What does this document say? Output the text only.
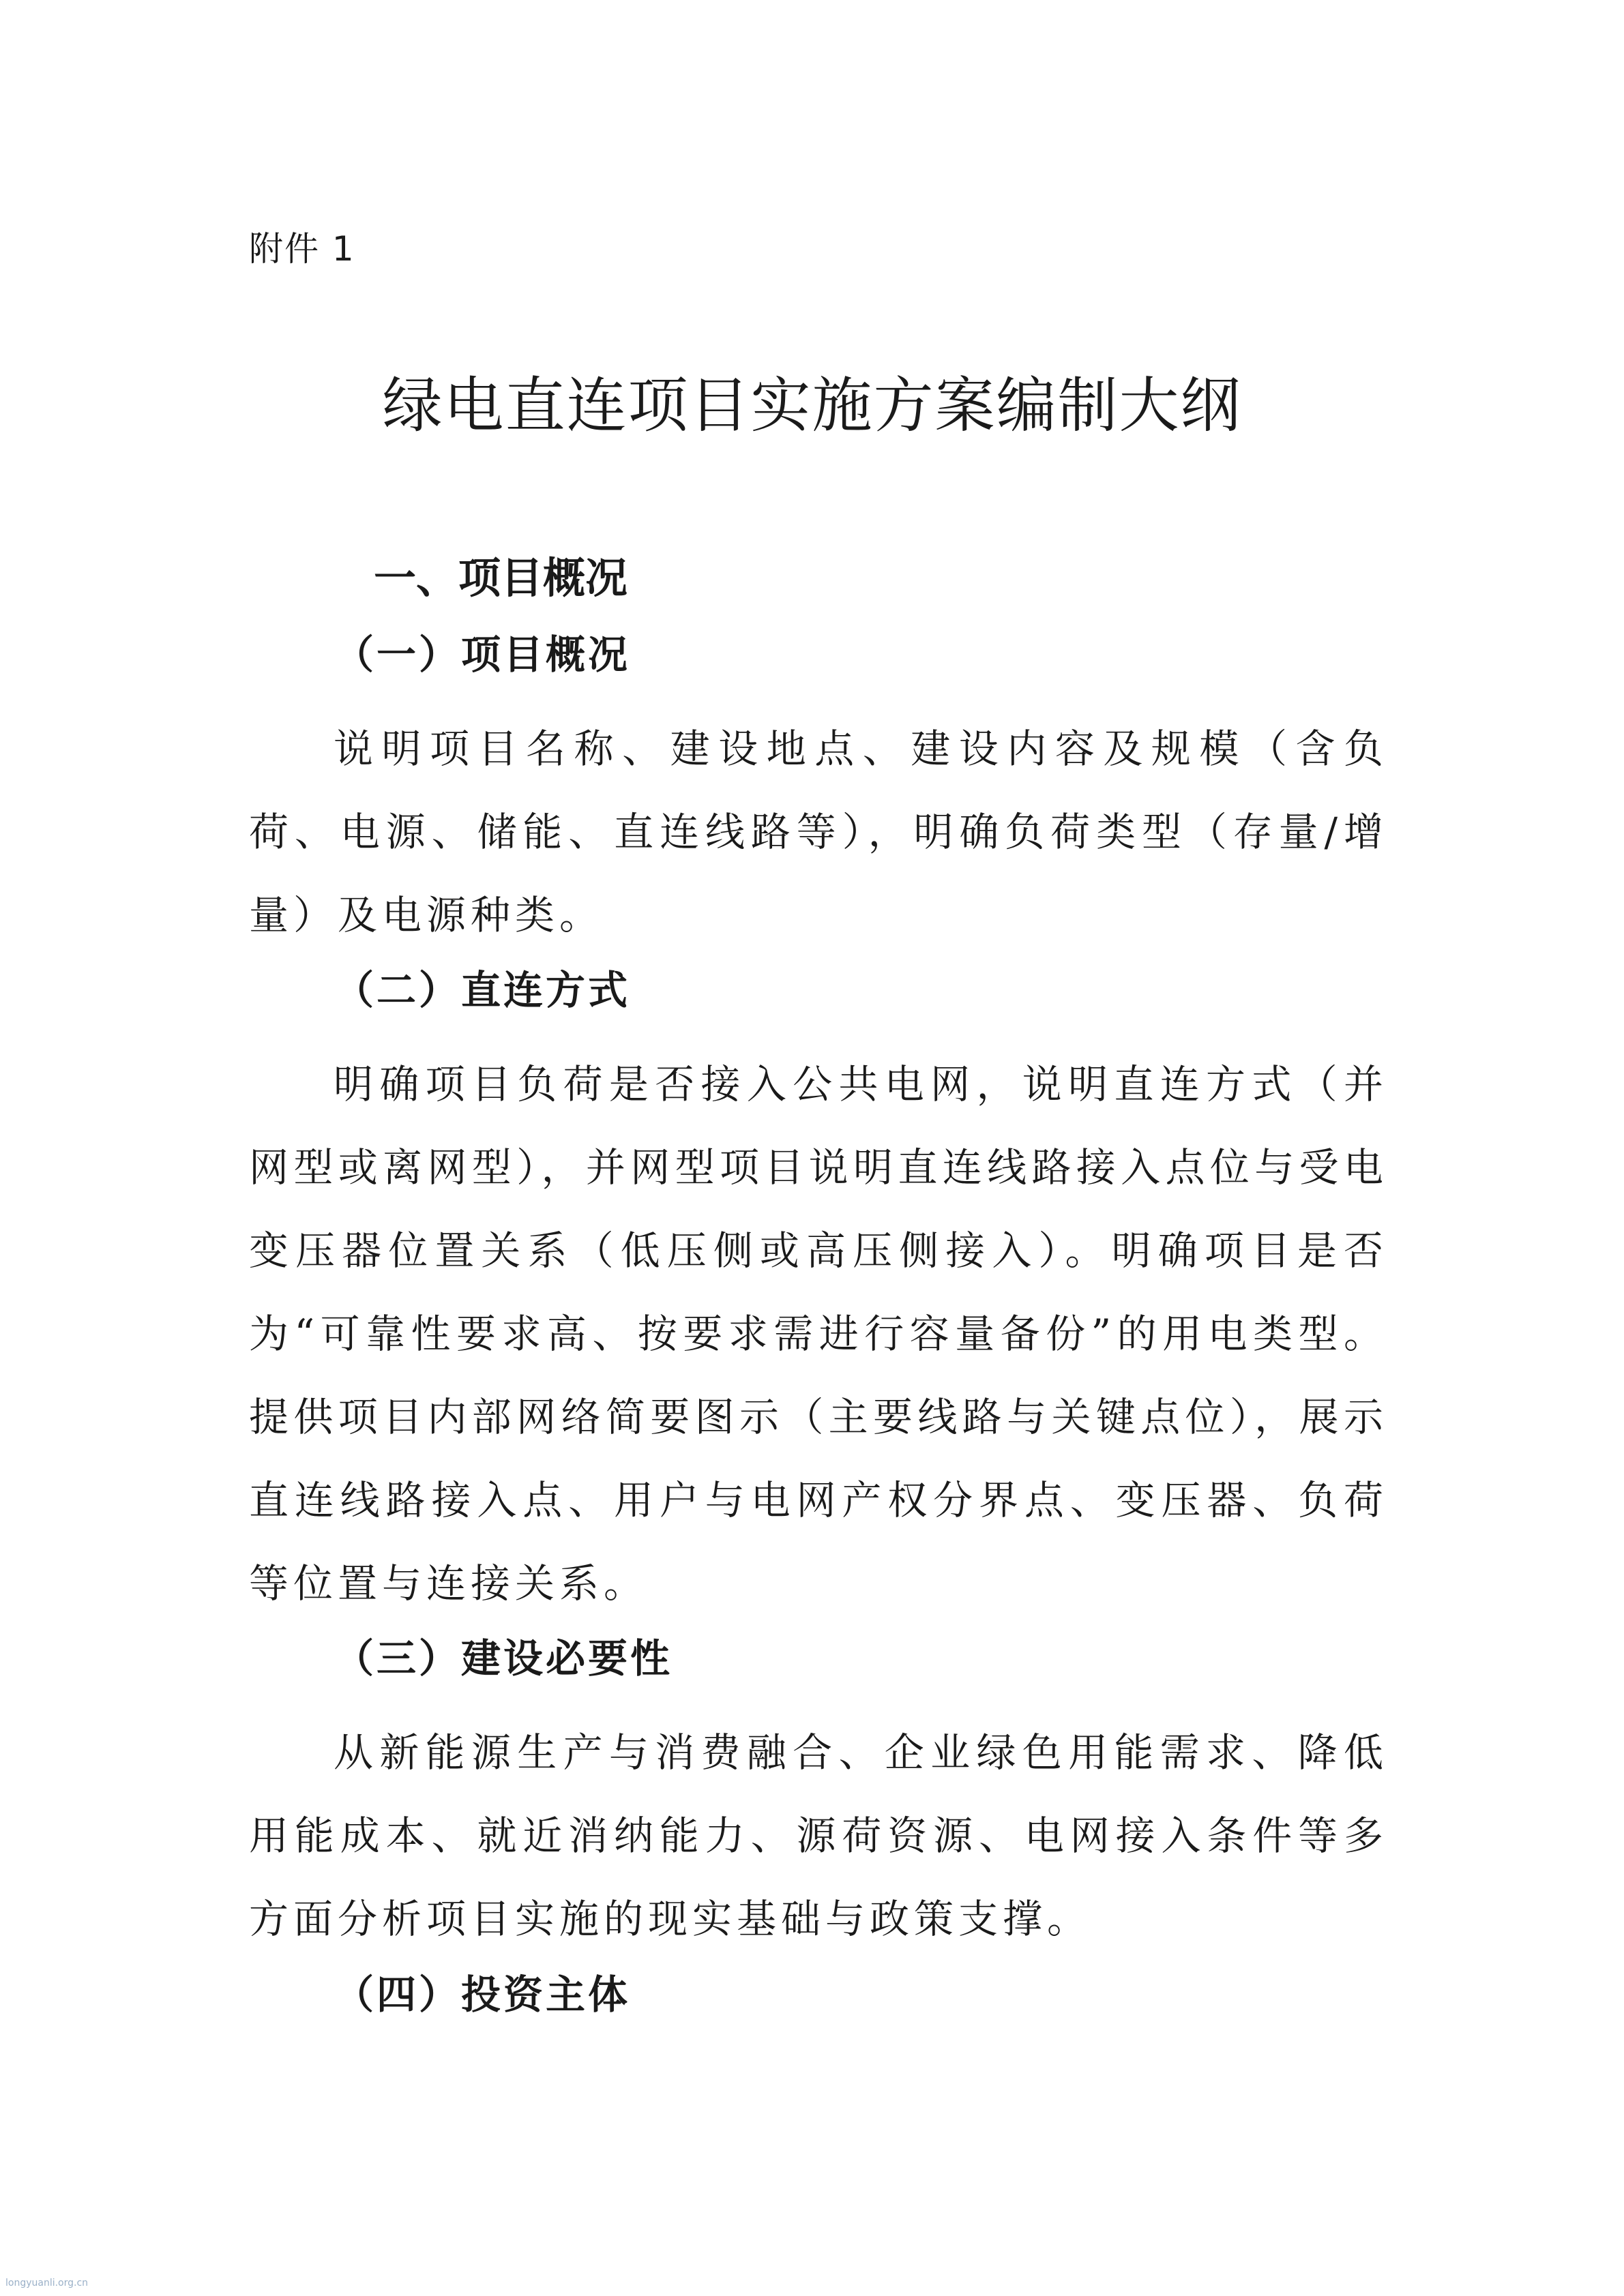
附件 1
绿电直连项目实施方案编制大纲
一、项目概况
（一）项目概况
说明项目名称、建设地点、建设内容及规模（含负荷、电源、储能、直连线路等），明确负荷类型（存量/增量）及电源种类。
（二）直连方式
明确项目负荷是否接入公共电网，说明直连方式（并网型或离网型），并网型项目说明直连线路接入点位与受电变压器位置关系（低压侧或高压侧接入）。明确项目是否为“可靠性要求高、按要求需进行容量备份”的用电类型。提供项目内部网络简要图示（主要线路与关键点位），展示直连线路接入点、用户与电网产权分界点、变压器、负荷等位置与连接关系。
（三）建设必要性
从新能源生产与消费融合、企业绿色用能需求、降低用能成本、就近消纳能力、源荷资源、电网接入条件等多方面分析项目实施的现实基础与政策支撑。
（四）投资主体
longyuanli.org.cn
